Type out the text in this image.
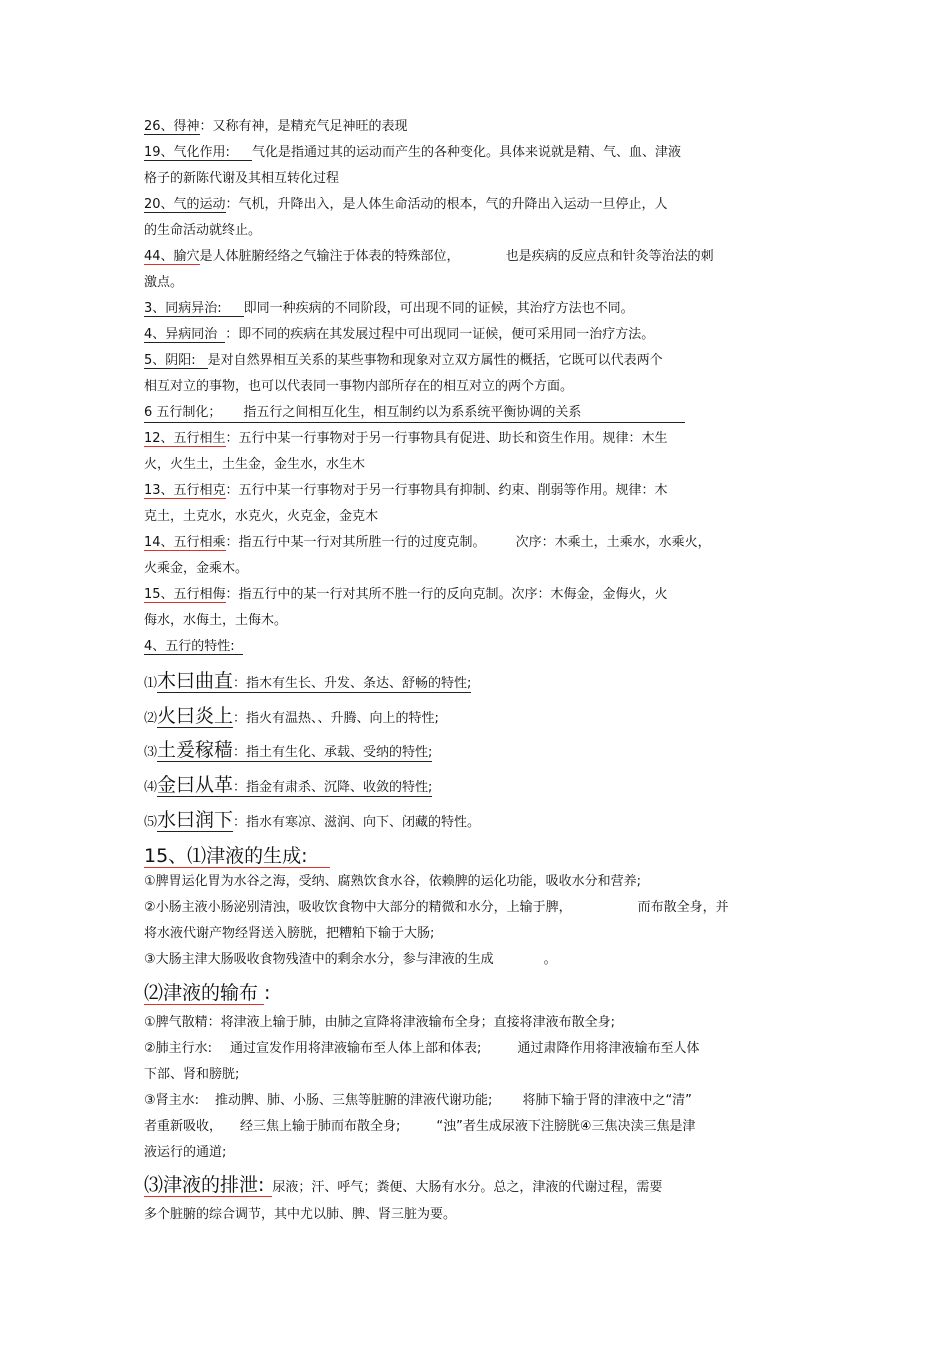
26、得神：又称有神，是精充气足神旺的表现
19、气化作用: 气化是指通过其的运动而产生的各种变化。具体来说就是精、气、血、津液
格子的新陈代谢及其相互转化过程
20、气的运动：气机，升降出入，是人体生命活动的根本，气的升降出入运动一旦停止，人
的生命活动就终止。
44、腧穴是人体脏腑经络之气输注于体表的特殊部位，	也是疾病的反应点和针灸等治法的刺
激点。
3、同病异治: 即同一种疾病的不同阶段，可出现不同的证候，其治疗方法也不同。
4、异病同治 ：即不同的疾病在其发展过程中可出现同一证候，便可采用同一治疗方法。
5、阴阳: 是对自然界相互关系的某些事物和现象对立双方属性的概括，它既可以代表两个
相互对立的事物，也可以代表同一事物内部所存在的相互对立的两个方面。
6 五行制化； 指五行之间相互化生，相互制约以为系系统平衡协调的关系
12、五行相生：五行中某一行事物对于另一行事物具有促进、助长和资生作用。规律：木生
火，火生土，土生金，金生水，水生木
13、五行相克：五行中某一行事物对于另一行事物具有抑制、约束、削弱等作用。规律：木
克土，土克水，水克火，火克金，金克木
14、五行相乘：指五行中某一行对其所胜一行的过度克制。 次序：木乘土，土乘水，水乘火，
火乘金，金乘木。
15、五行相侮：指五行中的某一行对其所不胜一行的反向克制。次序：木侮金，金侮火，火
侮水，水侮土，土侮木。
4、五行的特性:
⑴木曰曲直：指木有生长、升发、条达、舒畅的特性;
⑵火曰炎上：指火有温热、、升腾、向上的特性;
⑶土爰稼穑：指土有生化、承载、受纳的特性;
⑷金曰从革：指金有肃杀、沉降、收敛的特性;
⑸水曰润下：指水有寒凉、滋润、向下、闭藏的特性。
15、⑴津液的生成:
①脾胃运化胃为水谷之海，受纳、腐熟饮食水谷，依赖脾的运化功能，吸收水分和营养;
②小肠主液小肠泌别清浊，吸收饮食物中大部分的精微和水分，上输于脾，	而布散全身，并
将水液代谢产物经肾送入膀胱，把糟粕下输于大肠;
③大肠主津大肠吸收食物残渣中的剩余水分，参与津液的生成	。
⑵津液的输布 :
①脾气散精：将津液上输于肺，由肺之宣降将津液输布全身；直接将津液布散全身;
②肺主行水: 通过宣发作用将津液输布至人体上部和体表;	通过肃降作用将津液输布至人体
下部、肾和膀胱;
③肾主水: 推动脾、肺、小肠、三焦等脏腑的津液代谢功能; 将肺下输于肾的津液中之“清”
者重新吸收， 经三焦上输于肺而布散全身;	“浊”者生成尿液下注膀胱④三焦决渎三焦是津
液运行的通道;
⑶津液的排泄: 尿液；汗、呼气；粪便、大肠有水分。总之，津液的代谢过程，需要
多个脏腑的综合调节，其中尤以肺、脾、肾三脏为要。
